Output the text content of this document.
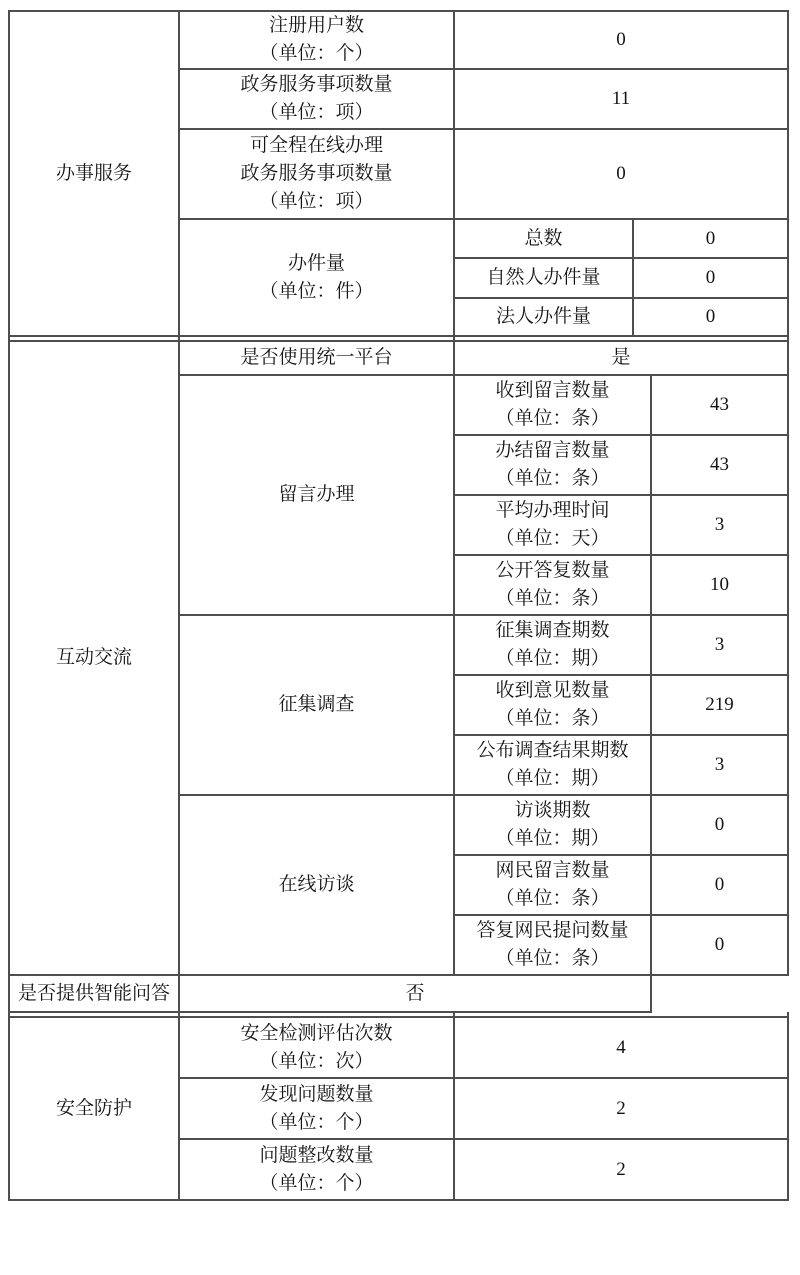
办事服务	注册用户数
（单位：个）	0		

	政务服务事项数量
（单位：项）	11		

	可全程在线办理
政务服务事项数量
（单位：项）	0		

	办件量
（单位：件）	总数	0	
		自然人办件量	0	
		法人办件量	0	

互动交流	是否使用统一平台	是		
	留言办理	收到留言数量
（单位：条）		43

		办结留言数量
（单位：条）		43

		平均办理时间
（单位：天）		3

		公开答复数量
（单位：条）		10
	征集调查	征集调查期数
（单位：期）		3

		收到意见数量
（单位：条）		219

		公布调查结果期数
（单位：期）		3
	在线访谈	访谈期数
（单位：期）		0

		网民留言数量
（单位：条）		0

		答复网民提问数量
（单位：条）		0
是否提供智能问答	否			

安全防护	安全检测评估次数
（单位：次）	4		

	发现问题数量
（单位：个）	2		

	问题整改数量
（单位：个）	2		
